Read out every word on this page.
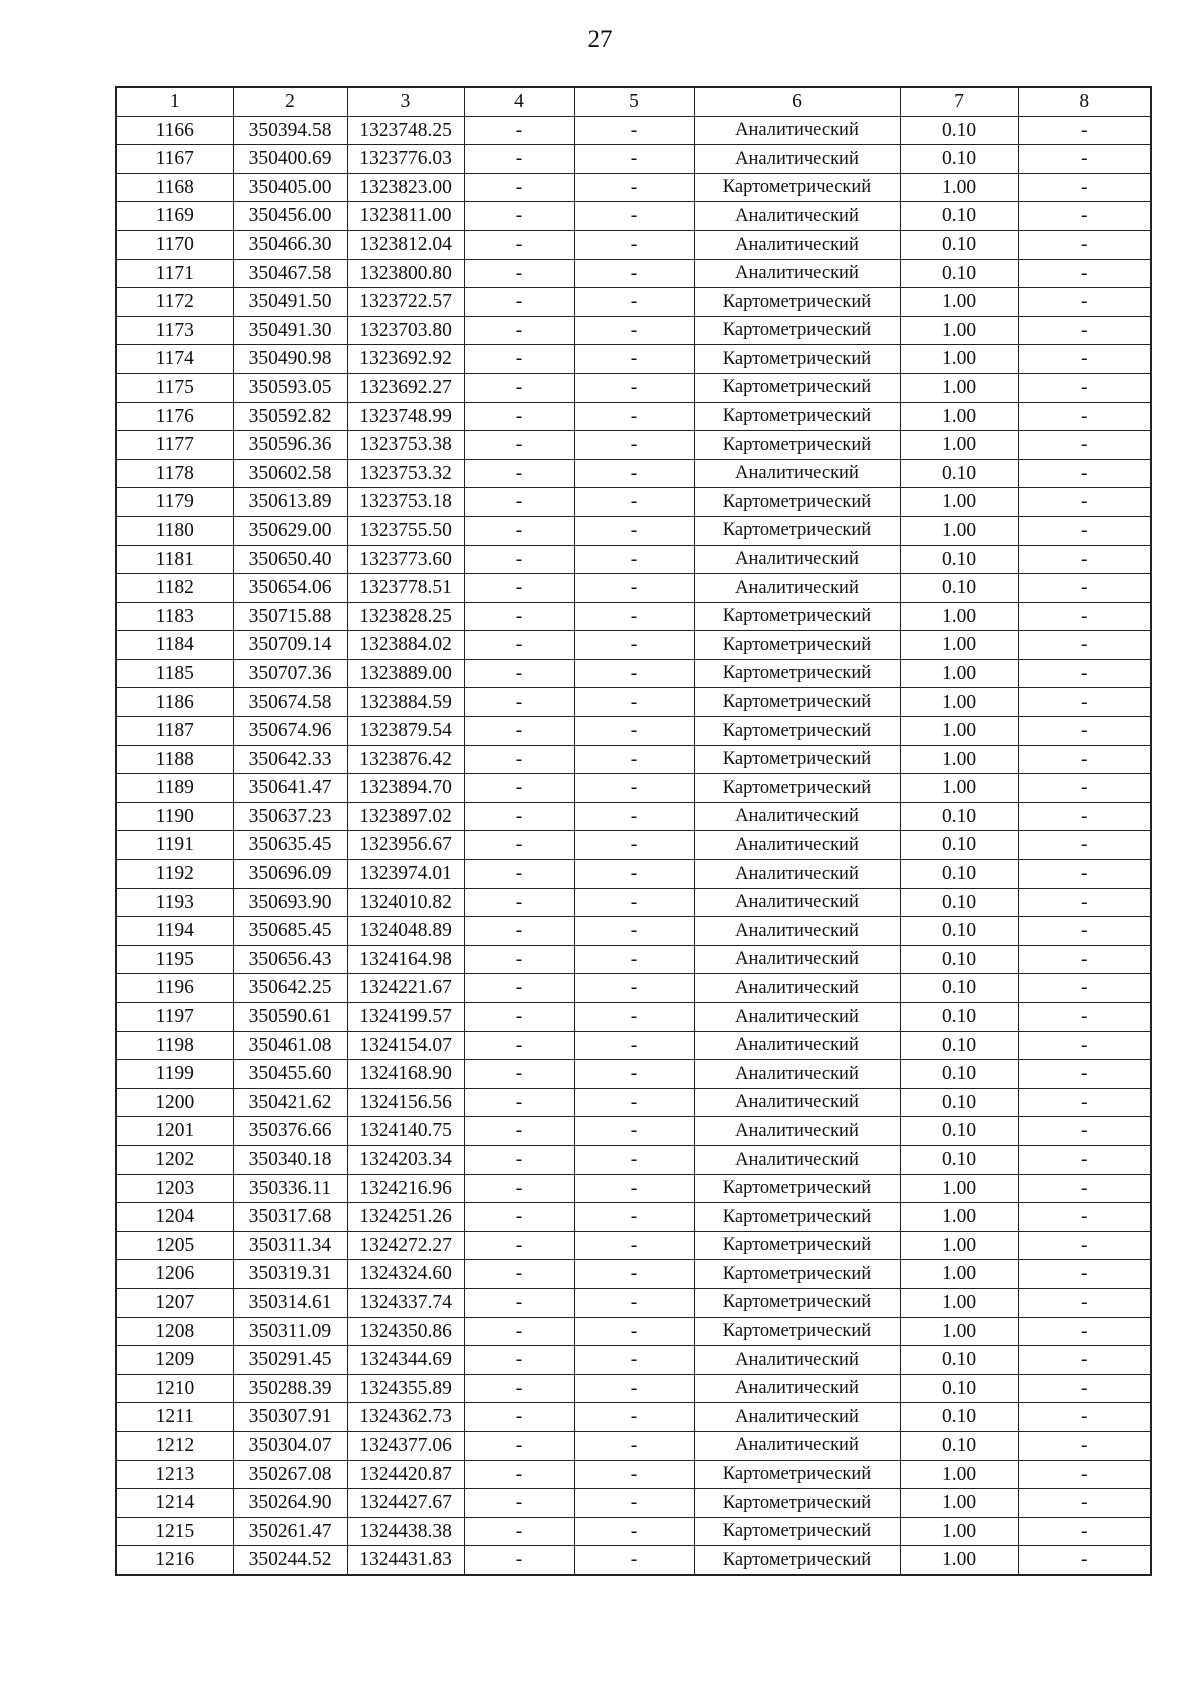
27
1	2	3	4	5	6	7	8
1166	350394.58	1323748.25	-	-	Аналитический	0.10	-
1167	350400.69	1323776.03	-	-	Аналитический	0.10	-
1168	350405.00	1323823.00	-	-	Картометрический	1.00	-
1169	350456.00	1323811.00	-	-	Аналитический	0.10	-
1170	350466.30	1323812.04	-	-	Аналитический	0.10	-
1171	350467.58	1323800.80	-	-	Аналитический	0.10	-
1172	350491.50	1323722.57	-	-	Картометрический	1.00	-
1173	350491.30	1323703.80	-	-	Картометрический	1.00	-
1174	350490.98	1323692.92	-	-	Картометрический	1.00	-
1175	350593.05	1323692.27	-	-	Картометрический	1.00	-
1176	350592.82	1323748.99	-	-	Картометрический	1.00	-
1177	350596.36	1323753.38	-	-	Картометрический	1.00	-
1178	350602.58	1323753.32	-	-	Аналитический	0.10	-
1179	350613.89	1323753.18	-	-	Картометрический	1.00	-
1180	350629.00	1323755.50	-	-	Картометрический	1.00	-
1181	350650.40	1323773.60	-	-	Аналитический	0.10	-
1182	350654.06	1323778.51	-	-	Аналитический	0.10	-
1183	350715.88	1323828.25	-	-	Картометрический	1.00	-
1184	350709.14	1323884.02	-	-	Картометрический	1.00	-
1185	350707.36	1323889.00	-	-	Картометрический	1.00	-
1186	350674.58	1323884.59	-	-	Картометрический	1.00	-
1187	350674.96	1323879.54	-	-	Картометрический	1.00	-
1188	350642.33	1323876.42	-	-	Картометрический	1.00	-
1189	350641.47	1323894.70	-	-	Картометрический	1.00	-
1190	350637.23	1323897.02	-	-	Аналитический	0.10	-
1191	350635.45	1323956.67	-	-	Аналитический	0.10	-
1192	350696.09	1323974.01	-	-	Аналитический	0.10	-
1193	350693.90	1324010.82	-	-	Аналитический	0.10	-
1194	350685.45	1324048.89	-	-	Аналитический	0.10	-
1195	350656.43	1324164.98	-	-	Аналитический	0.10	-
1196	350642.25	1324221.67	-	-	Аналитический	0.10	-
1197	350590.61	1324199.57	-	-	Аналитический	0.10	-
1198	350461.08	1324154.07	-	-	Аналитический	0.10	-
1199	350455.60	1324168.90	-	-	Аналитический	0.10	-
1200	350421.62	1324156.56	-	-	Аналитический	0.10	-
1201	350376.66	1324140.75	-	-	Аналитический	0.10	-
1202	350340.18	1324203.34	-	-	Аналитический	0.10	-
1203	350336.11	1324216.96	-	-	Картометрический	1.00	-
1204	350317.68	1324251.26	-	-	Картометрический	1.00	-
1205	350311.34	1324272.27	-	-	Картометрический	1.00	-
1206	350319.31	1324324.60	-	-	Картометрический	1.00	-
1207	350314.61	1324337.74	-	-	Картометрический	1.00	-
1208	350311.09	1324350.86	-	-	Картометрический	1.00	-
1209	350291.45	1324344.69	-	-	Аналитический	0.10	-
1210	350288.39	1324355.89	-	-	Аналитический	0.10	-
1211	350307.91	1324362.73	-	-	Аналитический	0.10	-
1212	350304.07	1324377.06	-	-	Аналитический	0.10	-
1213	350267.08	1324420.87	-	-	Картометрический	1.00	-
1214	350264.90	1324427.67	-	-	Картометрический	1.00	-
1215	350261.47	1324438.38	-	-	Картометрический	1.00	-
1216	350244.52	1324431.83	-	-	Картометрический	1.00	-
